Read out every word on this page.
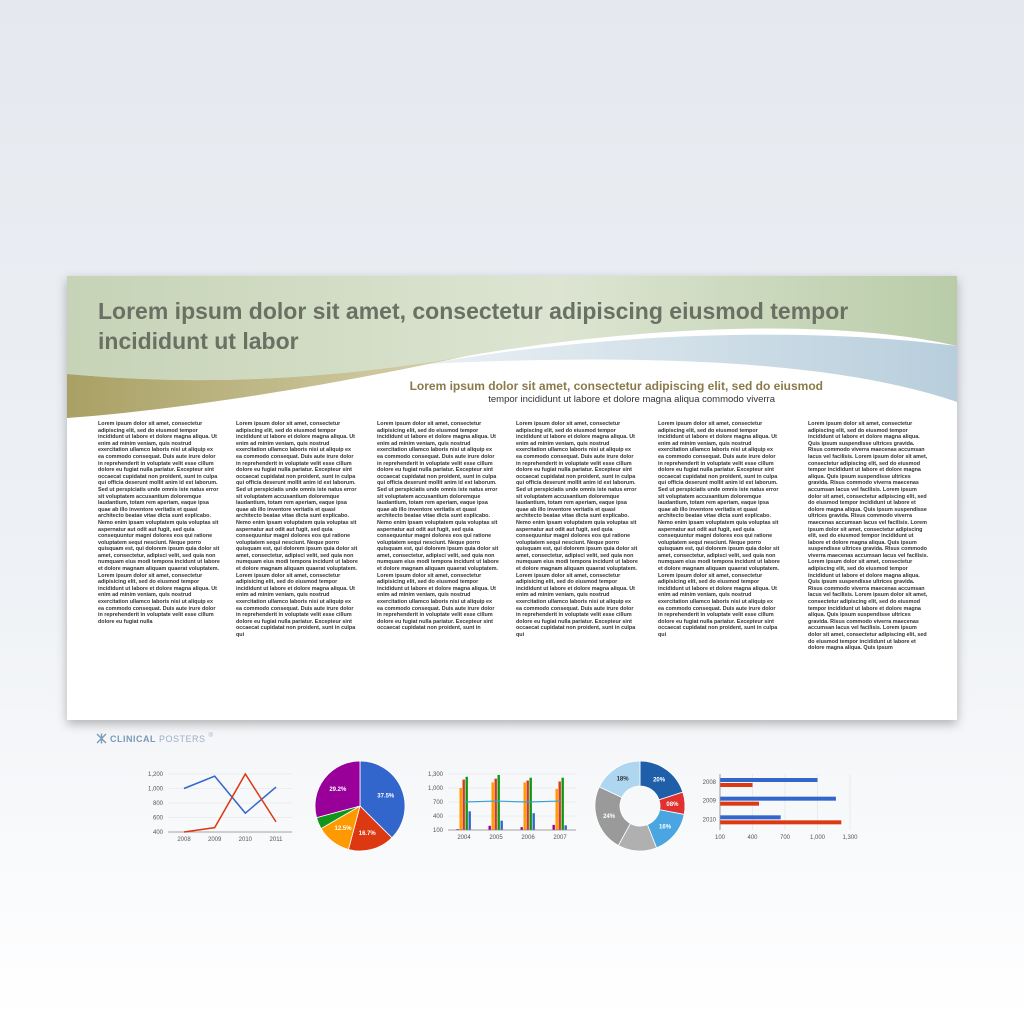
Lorem ipsum dolor sit amet, consectetur adipiscing eiusmod tempor incididunt ut labor
Lorem ipsum dolor sit amet, consectetur adipiscing elit, sed do eiusmod
tempor incididunt ut labore et dolore magna aliqua commodo viverra
Lorem ipsum dolor sit amet, consectetur adipiscing elit, sed do eiusmod tempor incididunt ut labore et dolore magna aliqua. Ut enim ad minim veniam, quis nostrud exercitation ullamco laboris nisi ut aliquip ex ea commodo consequat. Duis aute irure dolor in reprehenderit in voluptate velit esse cillum dolore eu fugiat nulla pariatur. Excepteur sint occaecat cupidatat non proident, sunt in culpa qui officia deserunt mollit anim id est laborum. Sed ut perspiciatis unde omnis iste natus error sit voluptatem accusantium doloremque laudantium, totam rem aperiam, eaque ipsa quae ab illo inventore veritatis et quasi architecto beatae vitae dicta sunt explicabo. Nemo enim ipsam voluptatem quia voluptas sit aspernatur aut odit aut fugit, sed quia consequuntur magni dolores eos qui ratione voluptatem sequi nesciunt. Neque porro quisquam est, qui dolorem ipsum quia dolor sit amet, consectetur, adipisci velit, sed quia non numquam eius modi tempora incidunt ut labore et dolore magnam aliquam quaerat voluptatem. Lorem ipsum dolor sit amet, consectetur adipisicing elit, sed do eiusmod tempor incididunt ut labore et dolore magna aliqua. Ut enim ad minim veniam, quis nostrud exercitation ullamco laboris nisi ut aliquip ex ea commodo consequat. Duis aute irure dolor in reprehenderit in voluptate velit esse cillum dolore eu fugiat nulla
Lorem ipsum dolor sit amet, consectetur adipiscing elit, sed do eiusmod tempor incididunt ut labore et dolore magna aliqua. Ut enim ad minim veniam, quis nostrud exercitation ullamco laboris nisi ut aliquip ex ea commodo consequat. Duis aute irure dolor in reprehenderit in voluptate velit esse cillum dolore eu fugiat nulla pariatur. Excepteur sint occaecat cupidatat non proident, sunt in culpa qui officia deserunt mollit anim id est laborum. Sed ut perspiciatis unde omnis iste natus error sit voluptatem accusantium doloremque laudantium, totam rem aperiam, eaque ipsa quae ab illo inventore veritatis et quasi architecto beatae vitae dicta sunt explicabo. Nemo enim ipsam voluptatem quia voluptas sit aspernatur aut odit aut fugit, sed quia consequuntur magni dolores eos qui ratione voluptatem sequi nesciunt. Neque porro quisquam est, qui dolorem ipsum quia dolor sit amet, consectetur, adipisci velit, sed quia non numquam eius modi tempora incidunt ut labore et dolore magnam aliquam quaerat voluptatem. Lorem ipsum dolor sit amet, consectetur adipisicing elit, sed do eiusmod tempor incididunt ut labore et dolore magna aliqua. Ut enim ad minim veniam, quis nostrud exercitation ullamco laboris nisi ut aliquip ex ea commodo consequat. Duis aute irure dolor in reprehenderit in voluptate velit esse cillum dolore eu fugiat nulla pariatur. Excepteur sint occaecat cupidatat non proident, sunt in culpa qui
Lorem ipsum dolor sit amet, consectetur adipisicing elit, sed do eiusmod tempor incididunt ut labore et dolore magna aliqua. Ut enim ad minim veniam, quis nostrud exercitation ullamco laboris nisi ut aliquip ex ea commodo consequat. Duis aute irure dolor in reprehenderit in voluptate velit esse cillum dolore eu fugiat nulla pariatur. Excepteur sint occaecat cupidatat non proident, sunt in culpa qui officia deserunt mollit anim id est laborum. Sed ut perspiciatis unde omnis iste natus error sit voluptatem accusantium doloremque laudantium, totam rem aperiam, eaque ipsa quae ab illo inventore veritatis et quasi architecto beatae vitae dicta sunt explicabo. Nemo enim ipsam voluptatem quia voluptas sit aspernatur aut odit aut fugit, sed quia consequuntur magni dolores eos qui ratione voluptatem sequi nesciunt. Neque porro quisquam est, qui dolorem ipsum quia dolor sit amet, consectetur, adipisci velit, sed quia non numquam eius modi tempora incidunt ut labore et dolore magnam aliquam quaerat voluptatem. Lorem ipsum dolor sit amet, consectetur adipisicing elit, sed do eiusmod tempor incididunt ut labore et dolore magna aliqua. Ut enim ad minim veniam, quis nostrud exercitation ullamco laboris nisi ut aliquip ex ea commodo consequat. Duis aute irure dolor in reprehenderit in voluptate velit esse cillum dolore eu fugiat nulla pariatur. Excepteur sint occaecat cupidatat non proident, sunt in
Lorem ipsum dolor sit amet, consectetur adipiscing elit, sed do eiusmod tempor incididunt ut labore et dolore magna aliqua. Ut enim ad minim veniam, quis nostrud exercitation ullamco laboris nisi ut aliquip ex ea commodo consequat. Duis aute irure dolor in reprehenderit in voluptate velit esse cillum dolore eu fugiat nulla pariatur. Excepteur sint occaecat cupidatat non proident, sunt in culpa qui officia deserunt mollit anim id est laborum. Sed ut perspiciatis unde omnis iste natus error sit voluptatem accusantium doloremque laudantium, totam rem aperiam, eaque ipsa quae ab illo inventore veritatis et quasi architecto beatae vitae dicta sunt explicabo. Nemo enim ipsam voluptatem quia voluptas sit aspernatur aut odit aut fugit, sed quia consequuntur magni dolores eos qui ratione voluptatem sequi nesciunt. Neque porro quisquam est, qui dolorem ipsum quia dolor sit amet, consectetur, adipisci velit, sed quia non numquam eius modi tempora incidunt ut labore et dolore magnam aliquam quaerat voluptatem. Lorem ipsum dolor sit amet, consectetur adipisicing elit, sed do eiusmod tempor incididunt ut labore et dolore magna aliqua. Ut enim ad minim veniam, quis nostrud exercitation ullamco laboris nisi ut aliquip ex ea commodo consequat. Duis aute irure dolor in reprehenderit in voluptate velit esse cillum dolore eu fugiat nulla pariatur. Excepteur sint occaecat cupidatat non proident, sunt in culpa qui
Lorem ipsum dolor sit amet, consectetur adipiscing elit, sed do eiusmod tempor incididunt ut labore et dolore magna aliqua. Ut enim ad minim veniam, quis nostrud exercitation ullamco laboris nisi ut aliquip ex ea commodo consequat. Duis aute irure dolor in reprehenderit in voluptate velit esse cillum dolore eu fugiat nulla pariatur. Excepteur sint occaecat cupidatat non proident, sunt in culpa qui officia deserunt mollit anim id est laborum. Sed ut perspiciatis unde omnis iste natus error sit voluptatem accusantium doloremque laudantium, totam rem aperiam, eaque ipsa quae ab illo inventore veritatis et quasi architecto beatae vitae dicta sunt explicabo. Nemo enim ipsam voluptatem quia voluptas sit aspernatur aut odit aut fugit, sed quia consequuntur magni dolores eos qui ratione voluptatem sequi nesciunt. Neque porro quisquam est, qui dolorem ipsum quia dolor sit amet, consectetur, adipisci velit, sed quia non numquam eius modi tempora incidunt ut labore et dolore magnam aliquam quaerat voluptatem. Lorem ipsum dolor sit amet, consectetur adipisicing elit, sed do eiusmod tempor incididunt ut labore et dolore magna aliqua. Ut enim ad minim veniam, quis nostrud exercitation ullamco laboris nisi ut aliquip ex ea commodo consequat. Duis aute irure dolor in reprehenderit in voluptate velit esse cillum dolore eu fugiat nulla pariatur. Excepteur sint occaecat cupidatat non proident, sunt in culpa qui
Lorem ipsum dolor sit amet, consectetur adipiscing elit, sed do eiusmod tempor incididunt ut labore et dolore magna aliqua. Quis ipsum suspendisse ultrices gravida. Risus commodo viverra maecenas accumsan lacus vel facilisis. Lorem ipsum dolor sit amet, consectetur adipiscing elit, sed do eiusmod tempor incididunt ut labore et dolore magna aliqua. Quis ipsum suspendisse ultrices gravida. Risus commodo viverra maecenas accumsan lacus vel facilisis. Lorem ipsum dolor sit amet, consectetur adipiscing elit, sed do eiusmod tempor incididunt ut labore et dolore magna aliqua. Quis ipsum suspendisse ultrices gravida. Risus commodo viverra maecenas accumsan lacus vel facilisis. Lorem ipsum dolor sit amet, consectetur adipiscing elit, sed do eiusmod tempor incididunt ut labore et dolore magna aliqua. Quis ipsum suspendisse ultrices gravida. Risus commodo viverra maecenas accumsan lacus vel facilisis. Lorem ipsum dolor sit amet, consectetur adipiscing elit, sed do eiusmod tempor incididunt ut labore et dolore magna aliqua. Quis ipsum suspendisse ultrices gravida. Risus commodo viverra maecenas accumsan lacus vel facilisis. Lorem ipsum dolor sit amet, consectetur adipiscing elit, sed do eiusmod tempor incididunt ut labore et dolore magna aliqua. Quis ipsum suspendisse ultrices gravida. Risus commodo viverra maecenas accumsan lacus vel facilisis. Lorem ipsum dolor sit amet, consectetur adipiscing elit, sed do eiusmod tempor incididunt ut labore et dolore magna aliqua. Quis ipsum
CLINICAL POSTERS ®
1,200
1,000
800
600
400
2008	2009	2010	2011
37.5%
16.7%
12.5%
29.2%
1,300
1,000
700
400
100
2004	2005	2006	2007
20%
08%
16%
24%
18%
100	400	700	1,000	1,300
2008
2009
2010
